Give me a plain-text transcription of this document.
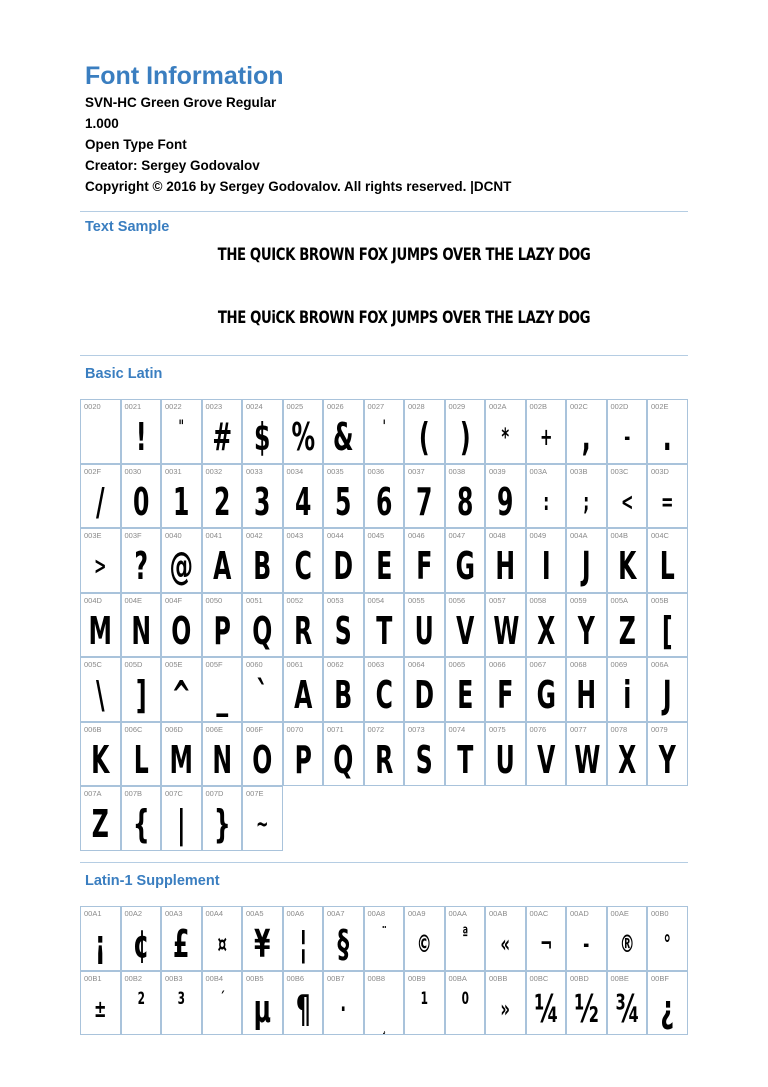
Font Information
SVN-HC Green Grove Regular
1.000
Open Type Font
Creator: Sergey Godovalov
Copyright © 2016 by Sergey Godovalov. All rights reserved. |DCNT
Text Sample
THE QUICK BROWN FOX JUMPS OVER THE LAZY DOG
THE QUiCK BROWN FOX JUMPS OVER THE LAZY DOG
Basic Latin
0020	0021
!
0022
"
0023
#
0024
$
0025
%
0026
&
0027
'
0028
(
0029
)
002A
*
002B
+
002C
,
002D
-
002E
.
002F
/
0030
0
0031
1
0032
2
0033
3
0034
4
0035
5
0036
6
0037
7
0038
8
0039
9
003A
:
003B
;
003C
<
003D
=
003E
>
003F
?
0040
@
0041
A
0042
B
0043
C
0044
D
0045
E
0046
F
0047
G
0048
H
0049
I
004A
J
004B
K
004C
L
004D
M
004E
N
004F
O
0050
P
0051
Q
0052
R
0053
S
0054
T
0055
U
0056
V
0057
W
0058
X
0059
Y
005A
Z
005B
[
005C
\
005D
]
005E
^
005F
_
0060
`
0061
A
0062
B
0063
C
0064
D
0065
E
0066
F
0067
G
0068
H
0069
i
006A
J
006B
K
006C
L
006D
M
006E
N
006F
O
0070
P
0071
Q
0072
R
0073
S
0074
T
0075
U
0076
V
0077
W
0078
X
0079
Y
007A
Z
007B
{
007C
|
007D
}
007E
~
Latin-1 Supplement
00A1
¡
00A2
¢
00A3
£
00A4
¤
00A5
¥
00A6
¦
00A7
§
00A8
¨
00A9
©
00AA
ª
00AB
«
00AC
¬
00AD
-
00AE
®
00B0
°
00B1
±
00B2
2
00B3
3
00B4
´
00B5
µ
00B6
¶
00B7
·
00B8
¸
00B9
1
00BA
0
00BB
»
00BC
¼
00BD
½
00BE
¾
00BF
¿
